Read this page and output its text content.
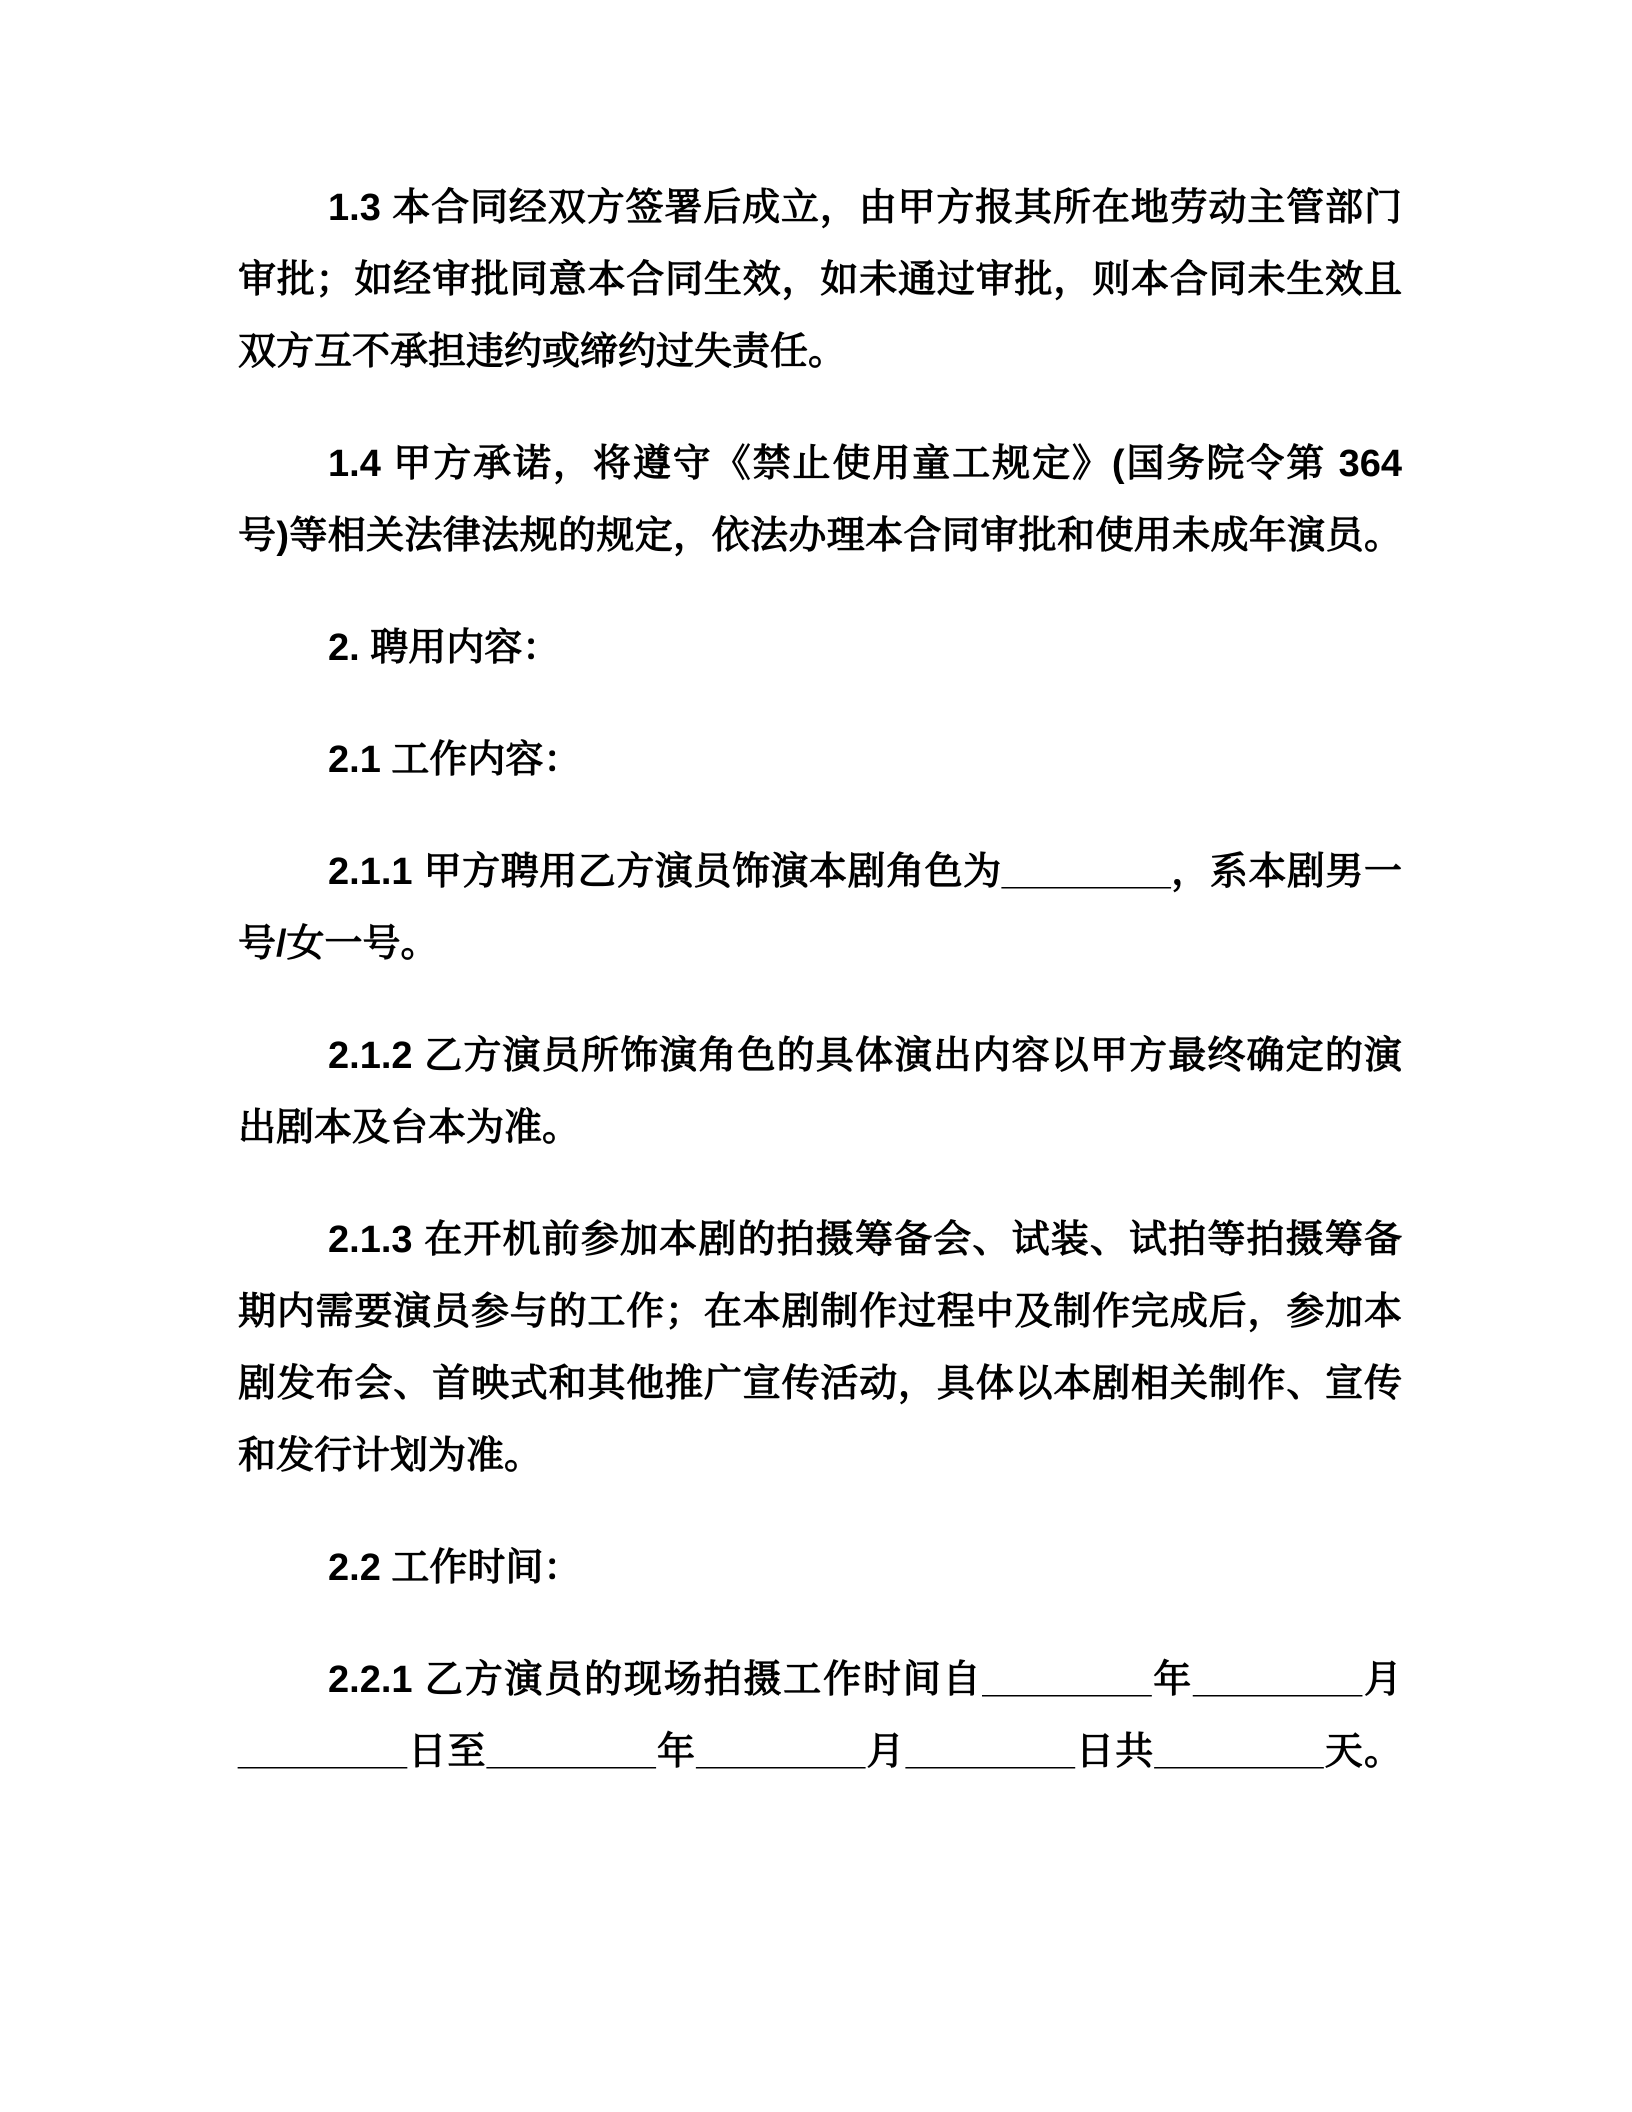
1.3 本合同经双方签署后成立，由甲方报其所在地劳动主管部门
审批；如经审批同意本合同生效，如未通过审批，则本合同未生效且
双方互不承担违约或缔约过失责任。
1.4 甲方承诺，将遵守《禁止使用童工规定》(国务院令第 364
号)等相关法律法规的规定，依法办理本合同审批和使用未成年演员。
2. 聘用内容：
2.1 工作内容：
2.1.1 甲方聘用乙方演员饰演本剧角色为________，系本剧男一
号/女一号。
2.1.2 乙方演员所饰演角色的具体演出内容以甲方最终确定的演
出剧本及台本为准。
2.1.3 在开机前参加本剧的拍摄筹备会、试装、试拍等拍摄筹备
期内需要演员参与的工作；在本剧制作过程中及制作完成后，参加本
剧发布会、首映式和其他推广宣传活动，具体以本剧相关制作、宣传
和发行计划为准。
2.2 工作时间：
2.2.1 乙方演员的现场拍摄工作时间自________年________月
________日至________年________月________日共________天。
